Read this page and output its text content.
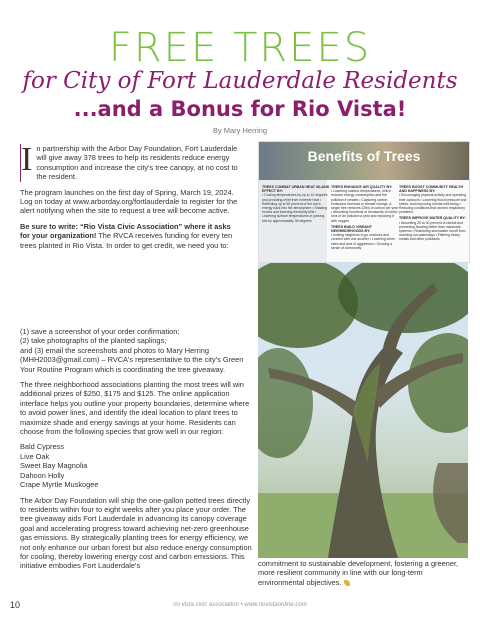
FREE TREES
for City of Fort Lauderdale Residents
...and a Bonus for Rio Vista!
By Mary Herring

In partnership with the Arbor Day Foundation, Fort Lauderdale will give away 378 trees to help its residents reduce energy consumption and increase the city's tree canopy, at no cost to the resident.

The program launches on the first day of Spring, March 19, 2024. Log on today at www.arborday.org/fortlauderdale to register for the alert notifying when the site to request a tree will become active.

Be sure to write: “Rio Vista Civic Association” where it asks for your organization! The RVCA receives funding for every ten trees planted in Rio Vista. In order to get credit, we need you to:

(1) save a screenshot of your order confirmation;
(2) take photographs of the planted saplings;
and (3) email the screenshots and photos to Mary Herring (MHH2003@gmail.com) – RVCA's representative to the city's Green Your Routine Program which is coordinating the tree giveaway.

The three neighborhood associations planting the most trees will win additional prizes of $250, $175 and $125. The online application interface helps you outline your property boundaries, determine where to avoid power lines, and identify the ideal location to plant trees to maximize shade and energy savings at your home. Residents can choose from the following species that grow well in our region:

Bald Cypress
Live Oak
Sweet Bay Magnolia
Dahoon Holly
Crape Myrtle Muskogee

The Arbor Day Foundation will ship the one-gallon potted trees directly to residents within four to eight weeks after you place your order. The tree giveaway aids Fort Lauderdale in advancing its canopy coverage goal and accelerating progress toward achieving net-zero greenhouse gas emissions. By strategically planting trees for energy efficiency, we not only enhance our urban forest but also reduce energy consumption for cooling, thereby lowering energy cost and carbon emissions. This initiative embodies Fort Lauderdale's

Benefits of Trees
TREES COMBAT URBAN HEAT ISLAND EFFECT BY:
• Cooling temperatures by up to 10 degrees and providing relief from extreme heat • Reflecting up to 50 percent of the sun's energy back into the atmosphere • Shading homes and lowering electricity bills • Lowering surface temperatures in parking lots by approximately 36 degrees
TREES ENHANCE AIR QUALITY BY:
• Lowering outdoor temperatures, which reduces energy consumption and the pollution it creates • Capturing carbon emissions that lead to climate change. A single tree removes 22lbs of carbon per year • Absorbing hundreds of thousands of metric tons of air pollution a year and replacing it with oxygen
TREES BUILD VIBRANT NEIGHBORHOODS BY:
• Inviting neighbors to go outdoors and connect with one another • Lowering crime rates and acts of aggression • Growing a sense of community
TREES BOOST COMMUNITY HEALTH AND HAPPINESS BY:
• Encouraging physical activity and spending time outdoors • Lowering blood pressure and stress, and improving mental well-being • Reducing conditions that worsen respiratory problems
TREES IMPROVE WATER QUALITY BY:
• Absorbing 25 to 30 percent of rainfall and preventing flooding better than manmade systems • Restricting stormwater runoff from reaching our waterways • Filtering heavy metals and other pollutants
commitment to sustainable development, fostering a greener, more resilient community in line with our long-term environmental objectives.
10	rio vista civic association • www.riovistaonline.com
